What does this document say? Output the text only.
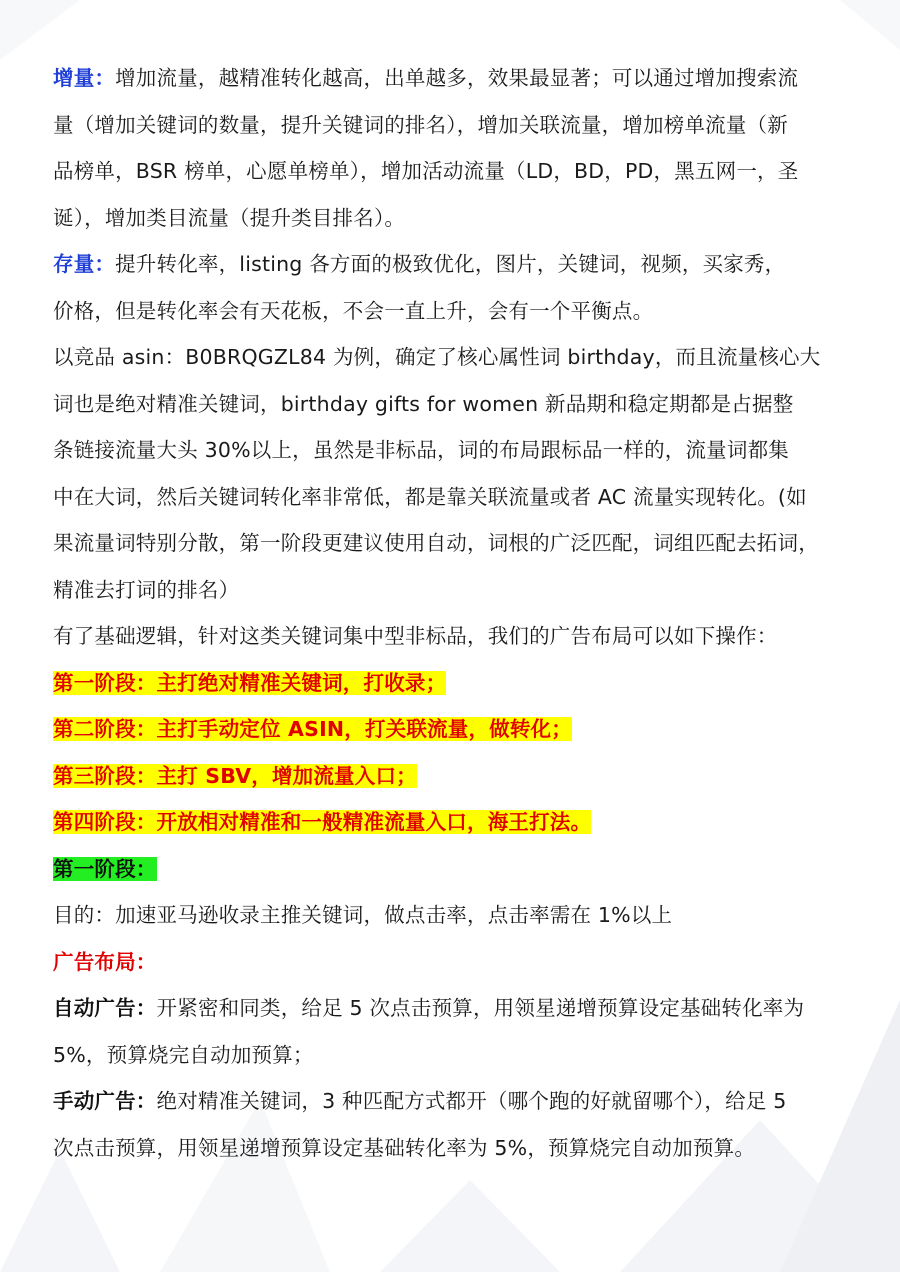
增量：增加流量，越精准转化越高，出单越多，效果最显著；可以通过增加搜索流
量（增加关键词的数量，提升关键词的排名），增加关联流量，增加榜单流量（新
品榜单，BSR 榜单，心愿单榜单），增加活动流量（LD，BD，PD，黑五网一，圣
诞），增加类目流量（提升类目排名）。
存量：提升转化率，listing 各方面的极致优化，图片，关键词，视频，买家秀，
价格，但是转化率会有天花板，不会一直上升，会有一个平衡点。
以竞品 asin：B0BRQGZL84 为例，确定了核心属性词 birthday，而且流量核心大
词也是绝对精准关键词，birthday gifts for women 新品期和稳定期都是占据整
条链接流量大头 30%以上，虽然是非标品，词的布局跟标品一样的，流量词都集
中在大词，然后关键词转化率非常低，都是靠关联流量或者 AC 流量实现转化。(如
果流量词特别分散，第一阶段更建议使用自动，词根的广泛匹配，词组匹配去拓词，
精准去打词的排名）
有了基础逻辑，针对这类关键词集中型非标品，我们的广告布局可以如下操作：
第一阶段：主打绝对精准关键词，打收录；
第二阶段：主打手动定位 ASIN，打关联流量，做转化；
第三阶段：主打 SBV，增加流量入口；
第四阶段：开放相对精准和一般精准流量入口，海王打法。
第一阶段：
目的：加速亚马逊收录主推关键词，做点击率，点击率需在 1%以上
广告布局：
自动广告：开紧密和同类，给足 5 次点击预算，用领星递增预算设定基础转化率为
5%，预算烧完自动加预算；
手动广告：绝对精准关键词，3 种匹配方式都开（哪个跑的好就留哪个），给足 5
次点击预算，用领星递增预算设定基础转化率为 5%，预算烧完自动加预算。
